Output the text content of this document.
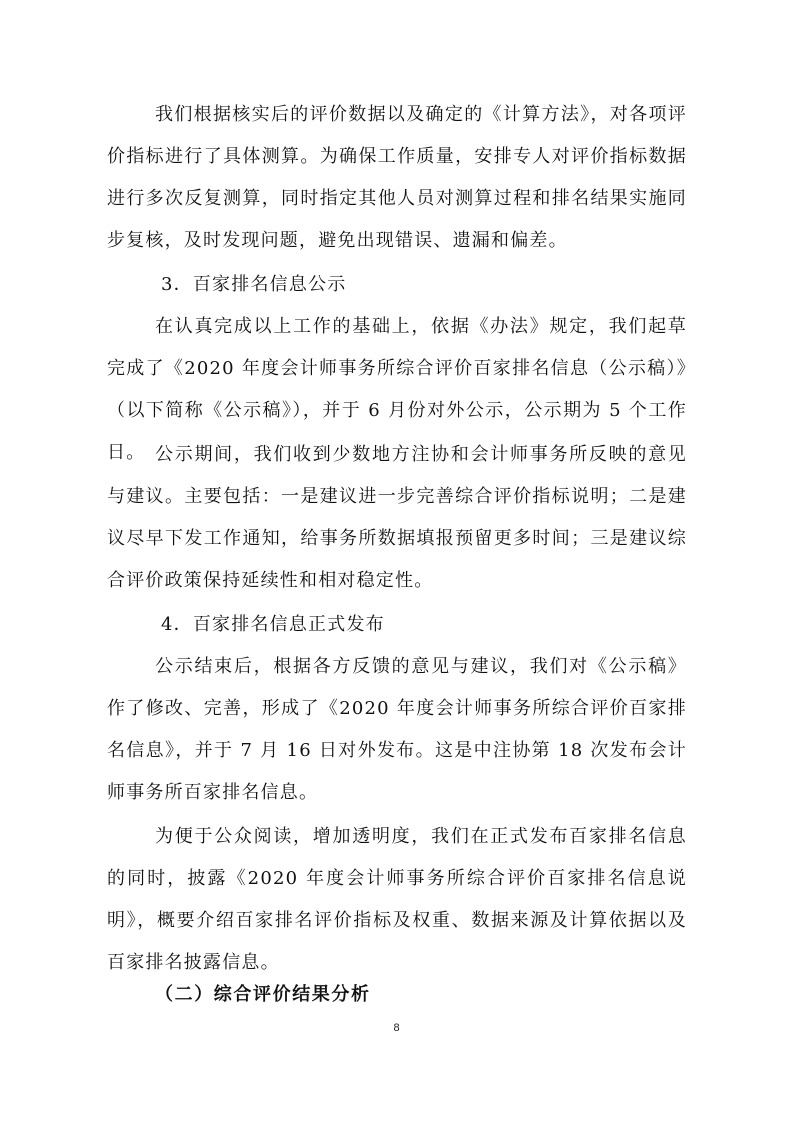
我们根据核实后的评价数据以及确定的《计算方法》，对各项评价指标进行了具体测算。为确保工作质量，安排专人对评价指标数据进行多次反复测算，同时指定其他人员对测算过程和排名结果实施同步复核，及时发现问题，避免出现错误、遗漏和偏差。

3．百家排名信息公示

在认真完成以上工作的基础上，依据《办法》规定，我们起草完成了《2020 年度会计师事务所综合评价百家排名信息（公示稿）》（以下简称《公示稿》），并于 6 月份对外公示，公示期为 5 个工作日。 公示期间，我们收到少数地方注协和会计师事务所反映的意见与建议。主要包括：一是建议进一步完善综合评价指标说明；二是建议尽早下发工作通知，给事务所数据填报预留更多时间；三是建议综合评价政策保持延续性和相对稳定性。

4．百家排名信息正式发布

公示结束后，根据各方反馈的意见与建议，我们对《公示稿》作了修改、完善，形成了《2020 年度会计师事务所综合评价百家排名信息》，并于 7 月 16 日对外发布。这是中注协第 18 次发布会计师事务所百家排名信息。

为便于公众阅读，增加透明度，我们在正式发布百家排名信息的同时，披露《2020 年度会计师事务所综合评价百家排名信息说明》，概要介绍百家排名评价指标及权重、数据来源及计算依据以及百家排名披露信息。

（二）综合评价结果分析

8
